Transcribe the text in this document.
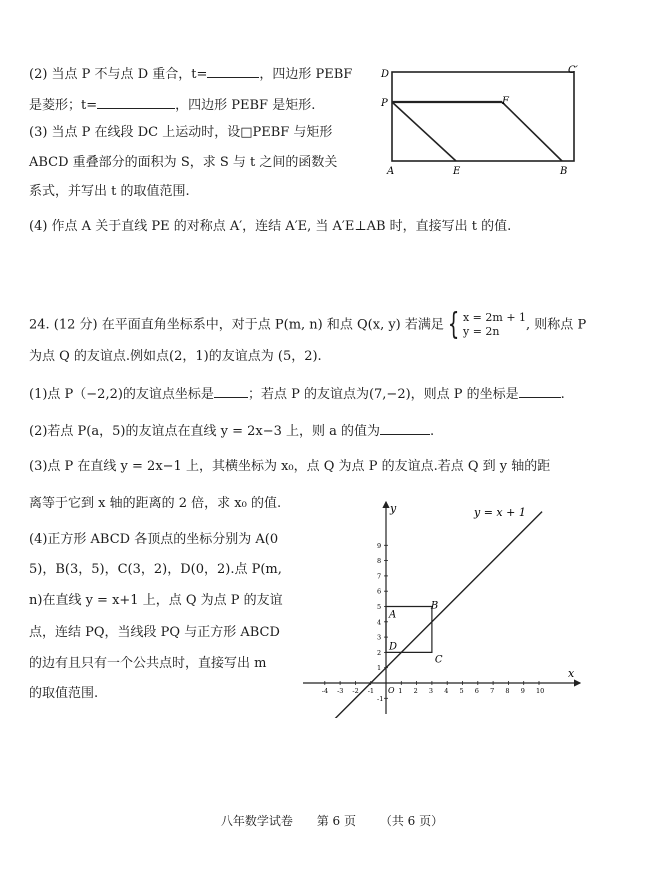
(2) 当点 P 不与点 D 重合，t=	，四边形 PEBF
是菱形；t=	，四边形 PEBF 是矩形.
(3) 当点 P 在线段 DC 上运动时，设□PEBF 与矩形
ABCD 重叠部分的面积为 S，求 S 与 t 之间的函数关
系式，并写出 t 的取值范围.
(4) 作点 A 关于直线 PE 的对称点 A′，连结 A′E, 当 A′E⊥AB 时，直接写出 t 的值.
D	C′
P	F
A	E	B
24. (12 分) 在平面直角坐标系中，对于点 P(m, n) 和点 Q(x, y) 若满足 { x = 2m + 1
y = 2n , 则称点 P
为点 Q 的友谊点.例如点(2，1)的友谊点为 (5，2).
(1)点 P（−2,2)的友谊点坐标是	；若点 P 的友谊点为(7,−2)，则点 P 的坐标是	.
(2)若点 P(a，5)的友谊点在直线 y = 2x−3 上，则 a 的值为	.
(3)点 P 在直线 y = 2x−1 上，其横坐标为 x₀，点 Q 为点 P 的友谊点.若点 Q 到 y 轴的距
离等于它到 x 轴的距离的 2 倍，求 x₀ 的值.
(4)正方形 ABCD 各顶点的坐标分别为 A(0
5)，B(3，5)，C(3，2)，D(0，2).点 P(m,
n)在直线 y = x+1 上，点 Q 为点 P 的友谊
点，连结 PQ，当线段 PQ 与正方形 ABCD
的边有且只有一个公共点时，直接写出 m
的取值范围.
x
y
O
-4 -3 -2 -1	1 2 3 4 5 6 7 8 9 10
9
8
7
6
5
4
3
2
1
-1
y = x + 1
A
B
C
D
八年数学试卷 第 6 页 （共 6 页）
